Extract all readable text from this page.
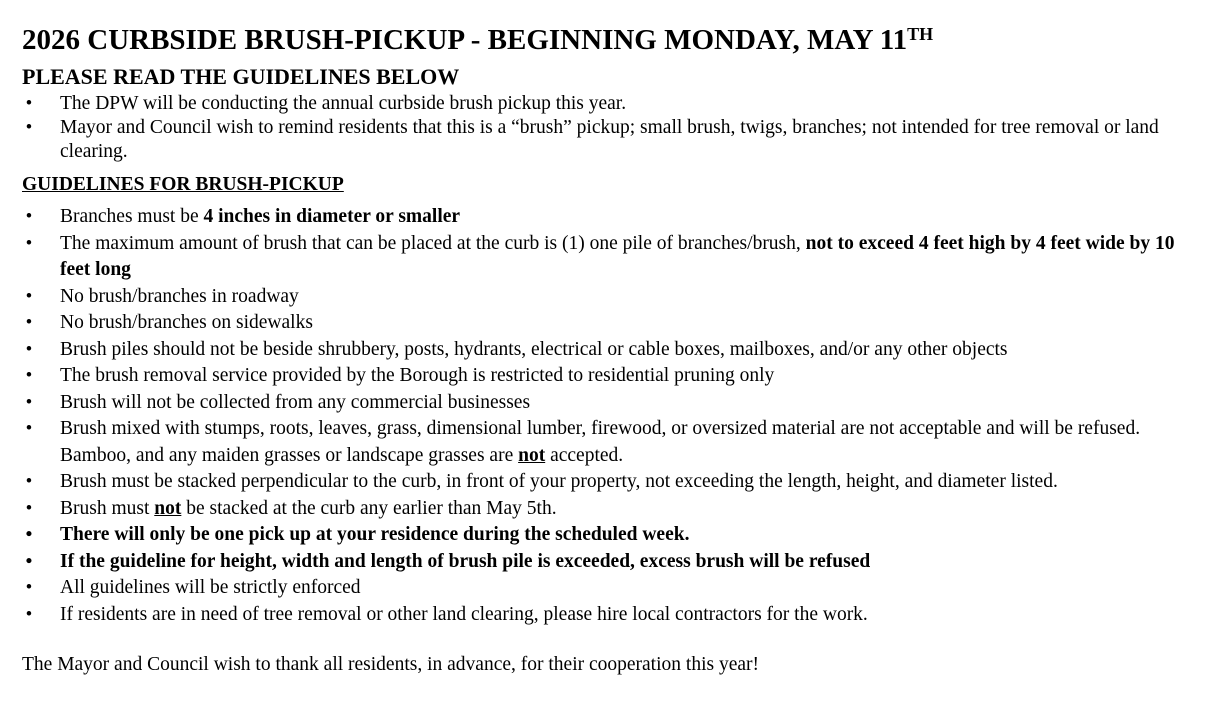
2026 CURBSIDE BRUSH-PICKUP - BEGINNING MONDAY, MAY 11TH
PLEASE READ THE GUIDELINES BELOW
•
The DPW will be conducting the annual curbside brush pickup this year.
•
Mayor and Council wish to remind residents that this is a “brush” pickup; small brush, twigs, branches; not intended for tree removal or land clearing.
GUIDELINES FOR BRUSH-PICKUP
•
Branches must be 4 inches in diameter or smaller
•
The maximum amount of brush that can be placed at the curb is (1) one pile of branches/brush, not to exceed 4 feet high by 4 feet wide by 10 feet long
•
No brush/branches in roadway
•
No brush/branches on sidewalks
•
Brush piles should not be beside shrubbery, posts, hydrants, electrical or cable boxes, mailboxes, and/or any other objects
•
The brush removal service provided by the Borough is restricted to residential pruning only
•
Brush will not be collected from any commercial businesses
•
Brush mixed with stumps, roots, leaves, grass, dimensional lumber, firewood, or oversized material are not acceptable and will be refused. Bamboo, and any maiden grasses or landscape grasses are not accepted.
•
Brush must be stacked perpendicular to the curb, in front of your property, not exceeding the length, height, and diameter listed.
•
Brush must not be stacked at the curb any earlier than May 5th.
•
There will only be one pick up at your residence during the scheduled week.
•
If the guideline for height, width and length of brush pile is exceeded, excess brush will be refused
•
All guidelines will be strictly enforced
•
If residents are in need of tree removal or other land clearing, please hire local contractors for the work.

The Mayor and Council wish to thank all residents, in advance, for their cooperation this year!
